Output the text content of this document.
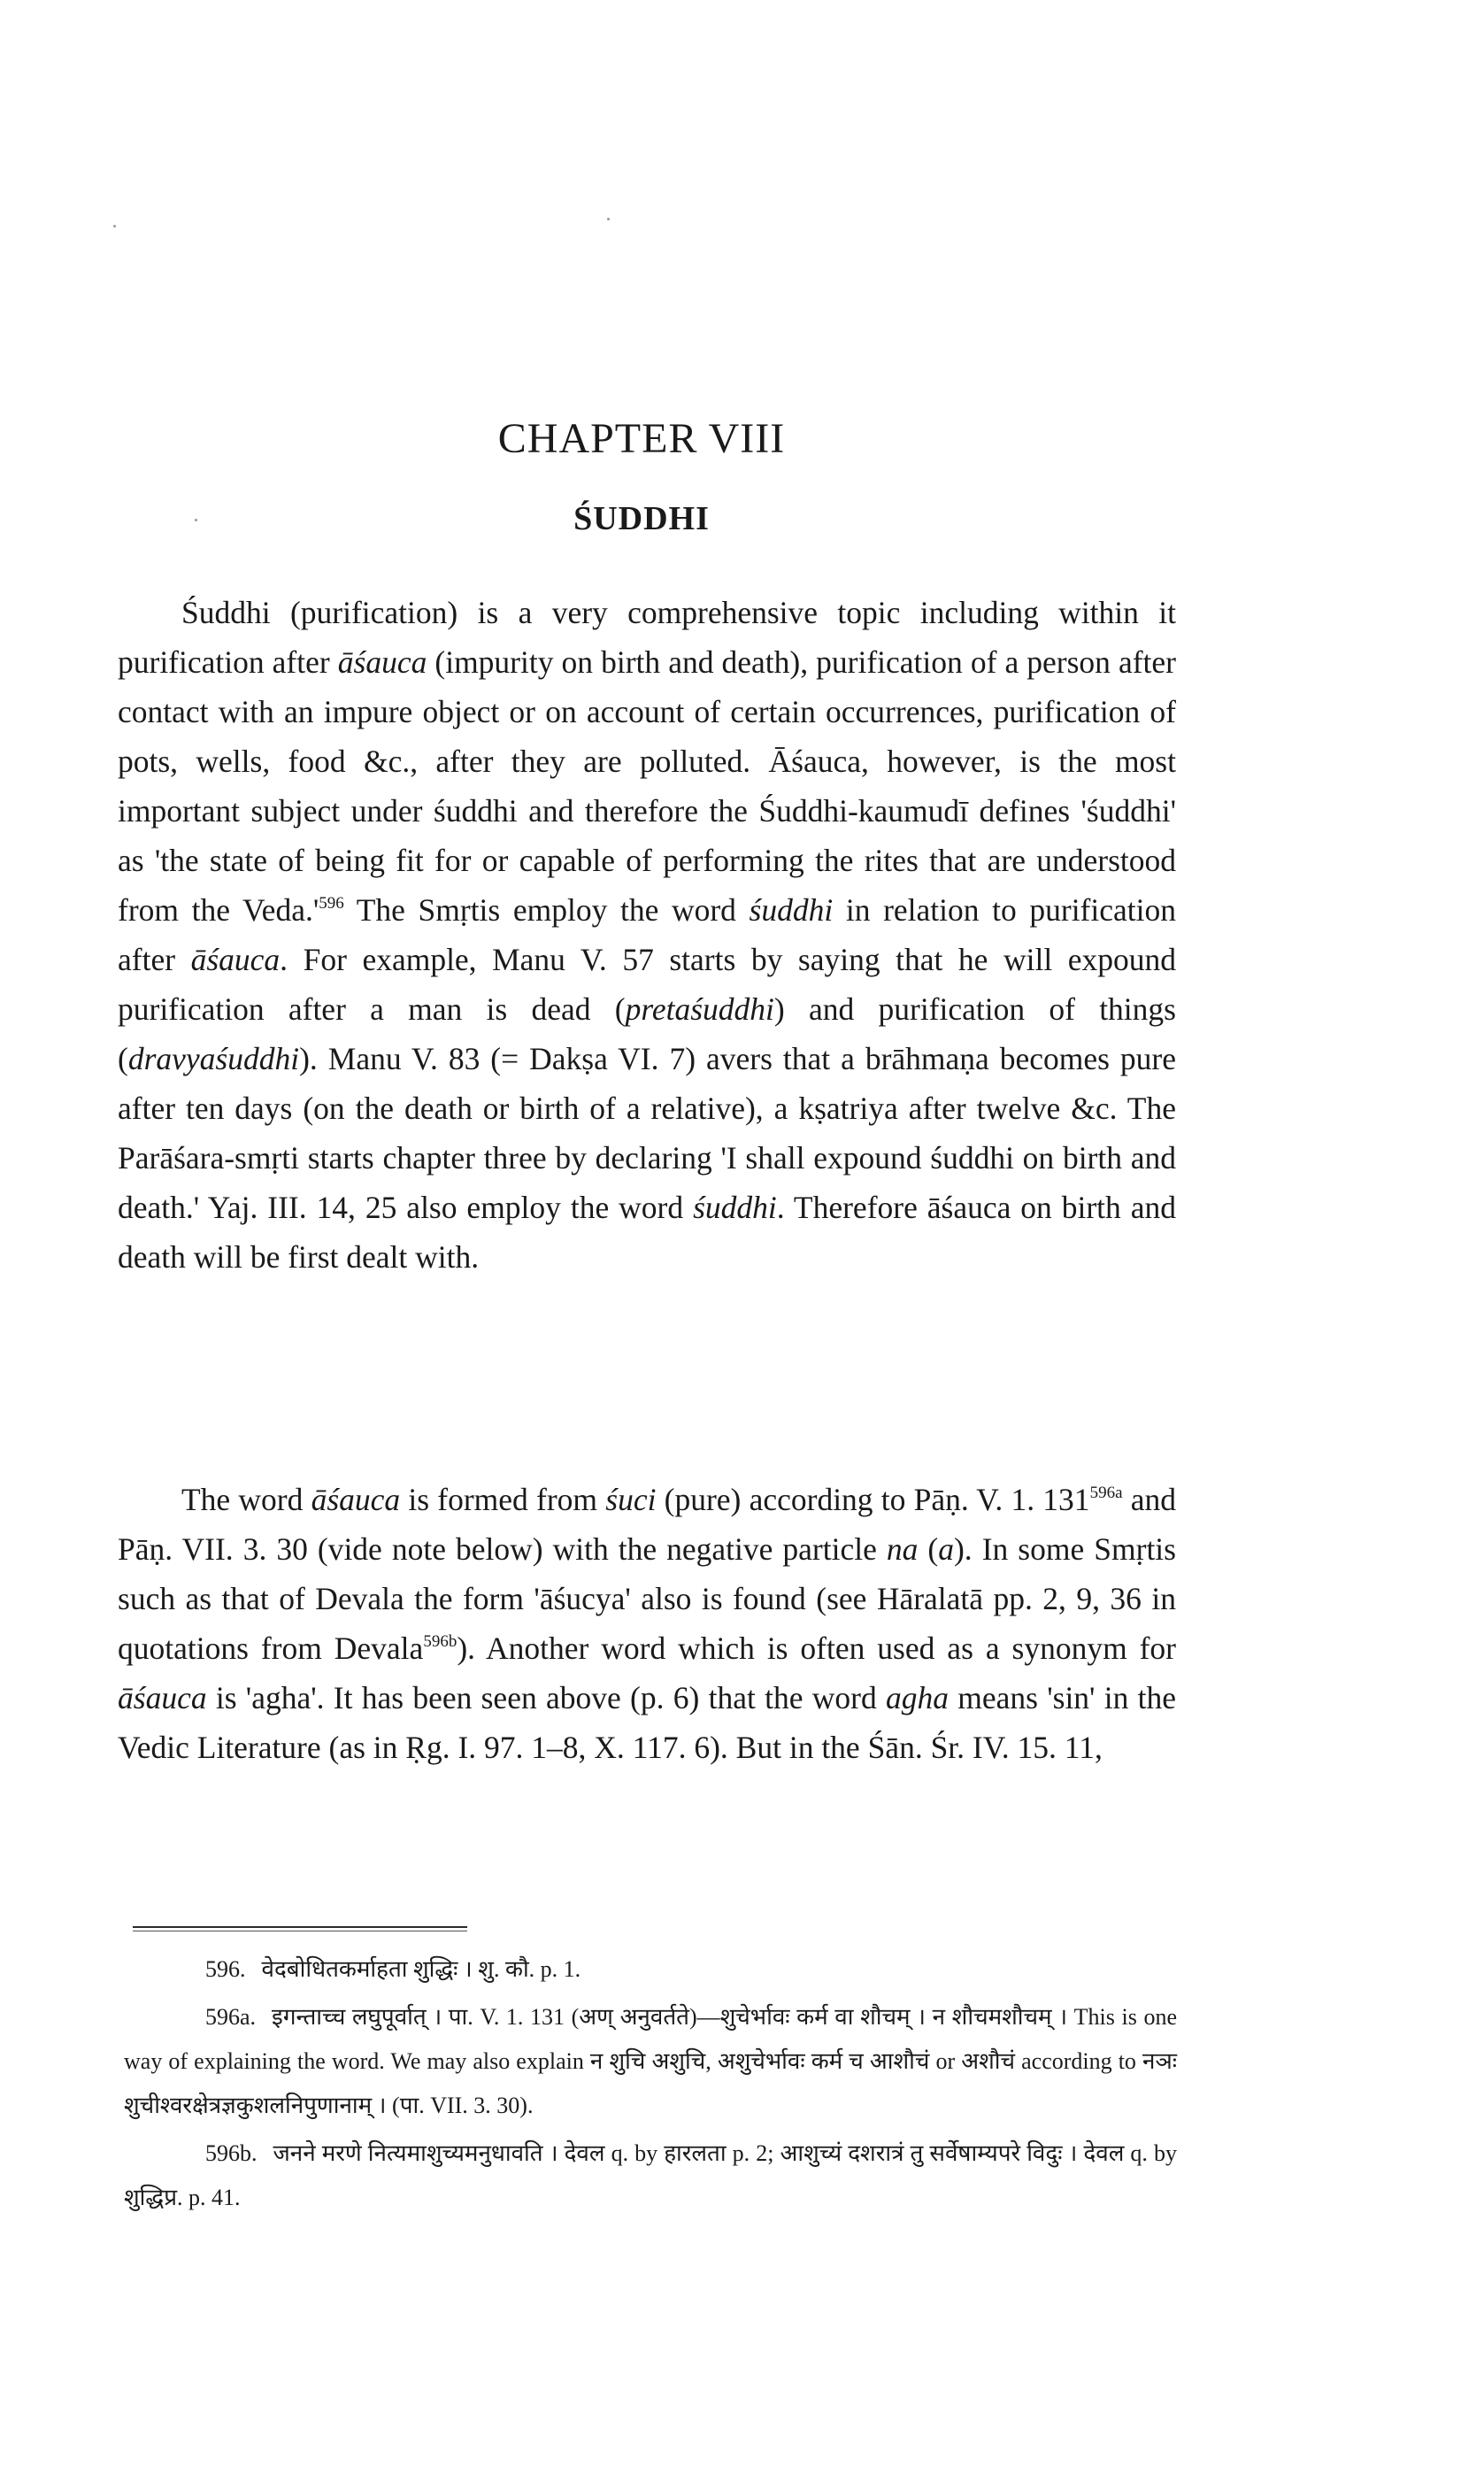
CHAPTER VIII
ŚUDDHI

Śuddhi (purification) is a very comprehensive topic including within it purification after āśauca (impurity on birth and death), purification of a person after contact with an impure object or on account of certain occurrences, purification of pots, wells, food &c., after they are polluted. Āśauca, however, is the most important subject under śuddhi and therefore the Śuddhi-kaumudī defines 'śuddhi' as 'the state of being fit for or capable of performing the rites that are understood from the $Veda.'^{596}$ The Smṛtis employ the word śuddhi in relation to purification after āśauca. For example, Manu V. 57 starts by saying that he will expound purification after a man is dead (pretaśuddhi) and purification of things (dravyaśuddhi). Manu V. 83 (= Dakṣa VI. 7) avers that a brāhmaṇa becomes pure after ten days (on the death or birth of a relative), a kṣatriya after twelve &c. The Parāśara-smṛti starts chapter three by declaring 'I shall expound śuddhi on birth and death.' Yaj. III. 14, 25 also employ the word śuddhi. Therefore āśauca on birth and death will be first dealt with.

The word āśauca is formed from śuci (pure) according to Pāṇ. V. 1. $131^{596a}$ and Pāṇ. VII. 3. 30 (vide note below) with the negative particle na (a). In some Smṛtis such as that of Devala the form 'āśucya' also is found (see Hāralatā pp. 2, 9, 36 in quotations from Devala$^{596b}$). Another word which is often used as a synonym for āśauca is 'agha'. It has been seen above (p. 6) that the word agha means 'sin' in the Vedic Literature (as in Ṛg. I. 97. 1–8, X. 117. 6). But in the Śān. Śr. IV. 15. 11,

596. वेदबोधितकर्माहता शुद्धिः । शु. कौ. p. 1.

596a. इगन्ताच्च लघुपूर्वात् । पा. V. 1. 131 (अण् अनुवर्तते)—शुचेर्भावः कर्म वा शौचम् । न शौचमशौचम् । This is one way of explaining the word. We may also explain न शुचि अशुचि, अशुचेर्भावः कर्म च आशौचं or अशौचं according to नञः शुचीश्वरक्षेत्रज्ञकुशलनिपुणानाम् । (पा. VII. 3. 30).

596b. जनने मरणे नित्यमाशुच्यमनुधावति । देवल q. by हारलता p. 2; आशुच्यं दशरात्रं तु सर्वेषाम्यपरे विदुः । देवल q. by शुद्धिप्र. p. 41.
